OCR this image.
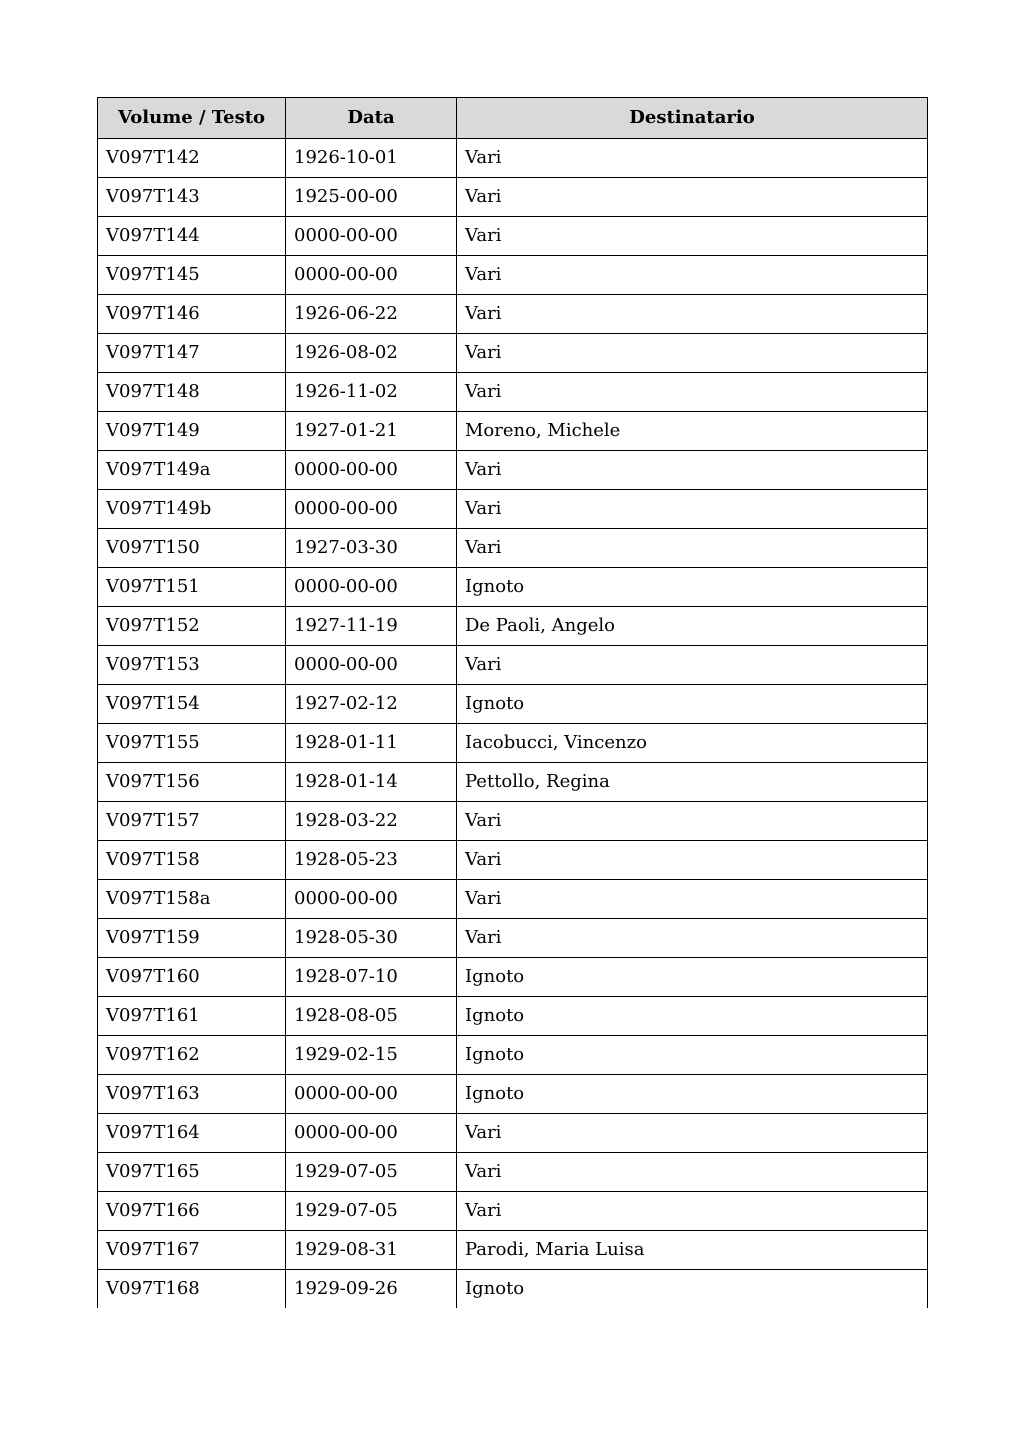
Volume / Testo	Data	Destinatario
V097T142	1926-10-01	Vari
V097T143	1925-00-00	Vari
V097T144	0000-00-00	Vari
V097T145	0000-00-00	Vari
V097T146	1926-06-22	Vari
V097T147	1926-08-02	Vari
V097T148	1926-11-02	Vari
V097T149	1927-01-21	Moreno, Michele
V097T149a	0000-00-00	Vari
V097T149b	0000-00-00	Vari
V097T150	1927-03-30	Vari
V097T151	0000-00-00	Ignoto
V097T152	1927-11-19	De Paoli, Angelo
V097T153	0000-00-00	Vari
V097T154	1927-02-12	Ignoto
V097T155	1928-01-11	Iacobucci, Vincenzo
V097T156	1928-01-14	Pettollo, Regina
V097T157	1928-03-22	Vari
V097T158	1928-05-23	Vari
V097T158a	0000-00-00	Vari
V097T159	1928-05-30	Vari
V097T160	1928-07-10	Ignoto
V097T161	1928-08-05	Ignoto
V097T162	1929-02-15	Ignoto
V097T163	0000-00-00	Ignoto
V097T164	0000-00-00	Vari
V097T165	1929-07-05	Vari
V097T166	1929-07-05	Vari
V097T167	1929-08-31	Parodi, Maria Luisa
V097T168	1929-09-26	Ignoto
